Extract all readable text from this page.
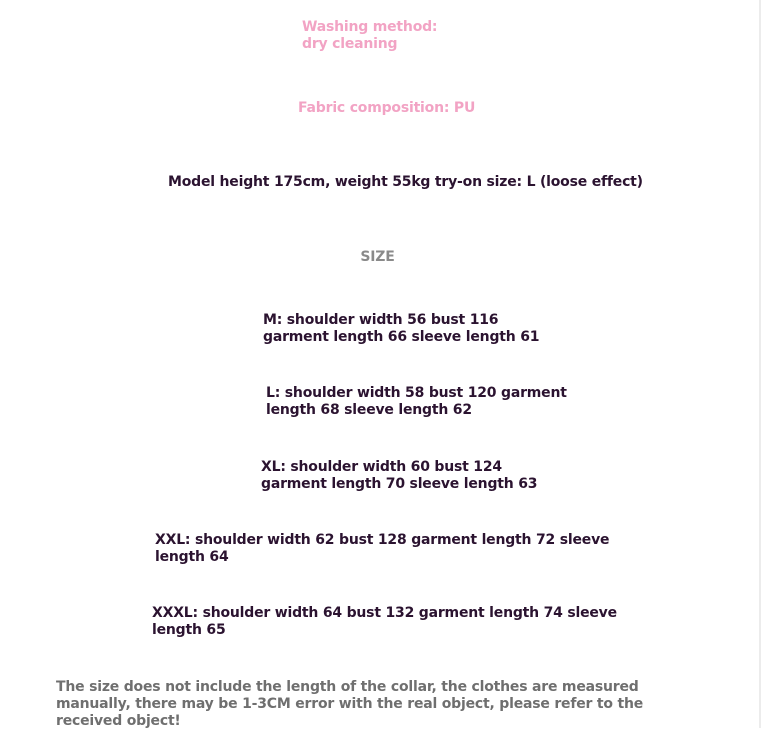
Washing method: dry cleaning

Fabric composition: PU

Model height 175cm, weight 55kg try-on size: L (loose effect)

SIZE

M: shoulder width 56 bust 116 garment length 66 sleeve length 61

L: shoulder width 58 bust 120 garment length 68 sleeve length 62

XL: shoulder width 60 bust 124 garment length 70 sleeve length 63

XXL: shoulder width 62 bust 128 garment length 72 sleeve length 64

XXXL: shoulder width 64 bust 132 garment length 74 sleeve length 65

The size does not include the length of the collar, the clothes are measured manually, there may be 1-3CM error with the real object, please refer to the received object!
